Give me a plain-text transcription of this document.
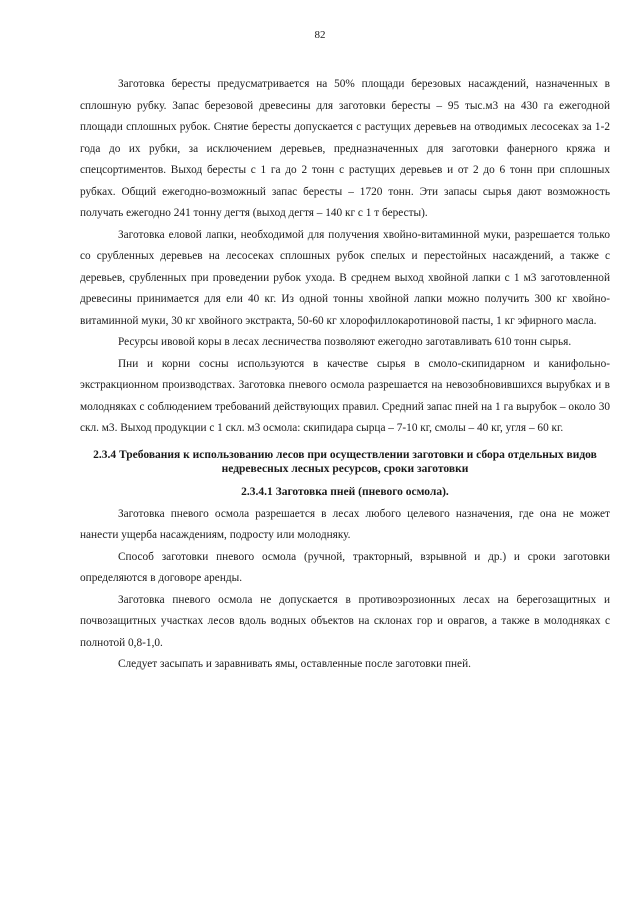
82

Заготовка бересты предусматривается на 50% площади березовых насаждений, назначенных в сплошную рубку. Запас березовой древесины для заготовки бересты – 95 тыс.м3 на 430 га ежегодной площади сплошных рубок. Снятие бересты допускается с растущих деревьев на отводимых лесосеках за 1-2 года до их рубки, за исключением деревьев, предназначенных для заготовки фанерного кряжа и спецсортиментов. Выход бересты с 1 га до 2 тонн с растущих деревьев и от 2 до 6 тонн при сплошных рубках. Общий ежегодно-возможный запас бересты – 1720 тонн. Эти запасы сырья дают возможность получать ежегодно 241 тонну дегтя (выход дегтя – 140 кг с 1 т бересты).

Заготовка еловой лапки, необходимой для получения хвойно-витаминной муки, разрешается только со срубленных деревьев на лесосеках сплошных рубок спелых и перестойных насаждений, а также с деревьев, срубленных при проведении рубок ухода. В среднем выход хвойной лапки с 1 м3 заготовленной древесины принимается для ели 40 кг. Из одной тонны хвойной лапки можно получить 300 кг хвойно-витаминной муки, 30 кг хвойного экстракта, 50-60 кг хлорофиллокаротиновой пасты, 1 кг эфирного масла.

Ресурсы ивовой коры в лесах лесничества позволяют ежегодно заготавливать 610 тонн сырья.

Пни и корни сосны используются в качестве сырья в смоло-скипидарном и канифольно-экстракционном производствах. Заготовка пневого осмола разрешается на невозобновившихся вырубках и в молодняках с соблюдением требований действующих правил. Средний запас пней на 1 га вырубок – около 30 скл. м3. Выход продукции с 1 скл. м3 осмола: скипидара сырца – 7-10 кг, смолы – 40 кг, угля – 60 кг.

2.3.4 Требования к использованию лесов при осуществлении заготовки и сбора отдельных видов недревесных лесных ресурсов, сроки заготовки

2.3.4.1 Заготовка пней (пневого осмола).

Заготовка пневого осмола разрешается в лесах любого целевого назначения, где она не может нанести ущерба насаждениям, подросту или молодняку.

Способ заготовки пневого осмола (ручной, тракторный, взрывной и др.) и сроки заготовки определяются в договоре аренды.

Заготовка пневого осмола не допускается в противоэрозионных лесах на берегозащитных и почвозащитных участках лесов вдоль водных объектов на склонах гор и оврагов, а также в молодняках с полнотой 0,8-1,0.

Следует засыпать и заравнивать ямы, оставленные после заготовки пней.
